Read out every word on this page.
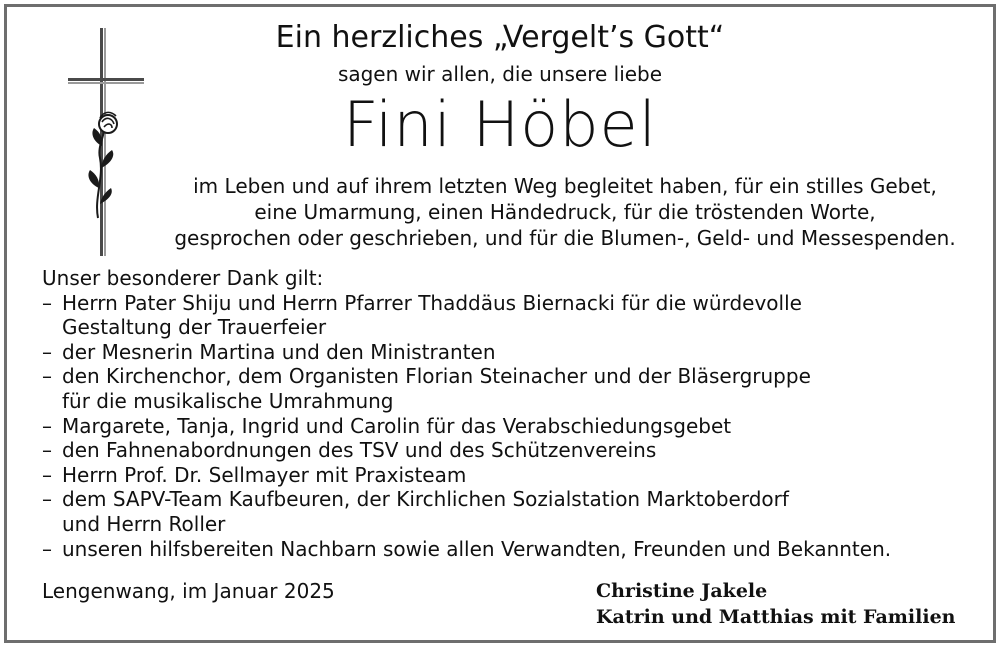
Ein herzliches „Vergelt’s Gott“
sagen wir allen, die unsere liebe
Fini Höbel
im Leben und auf ihrem letzten Weg begleitet haben, für ein stilles Gebet,
eine Umarmung, einen Händedruck, für die tröstenden Worte,
gesprochen oder geschrieben, und für die Blumen-, Geld- und Messespenden.
Unser besonderer Dank gilt:
– Herrn Pater Shiju und Herrn Pfarrer Thaddäus Biernacki für die würdevolle
Gestaltung der Trauerfeier
– der Mesnerin Martina und den Ministranten
– den Kirchenchor, dem Organisten Florian Steinacher und der Bläsergruppe
für die musikalische Umrahmung
– Margarete, Tanja, Ingrid und Carolin für das Verabschiedungsgebet
– den Fahnenabordnungen des TSV und des Schützenvereins
– Herrn Prof. Dr. Sellmayer mit Praxisteam
– dem SAPV-Team Kaufbeuren, der Kirchlichen Sozialstation Marktoberdorf
und Herrn Roller
– unseren hilfsbereiten Nachbarn sowie allen Verwandten, Freunden und Bekannten.
Lengenwang, im Januar 2025	Christine Jakele
Katrin und Matthias mit Familien
